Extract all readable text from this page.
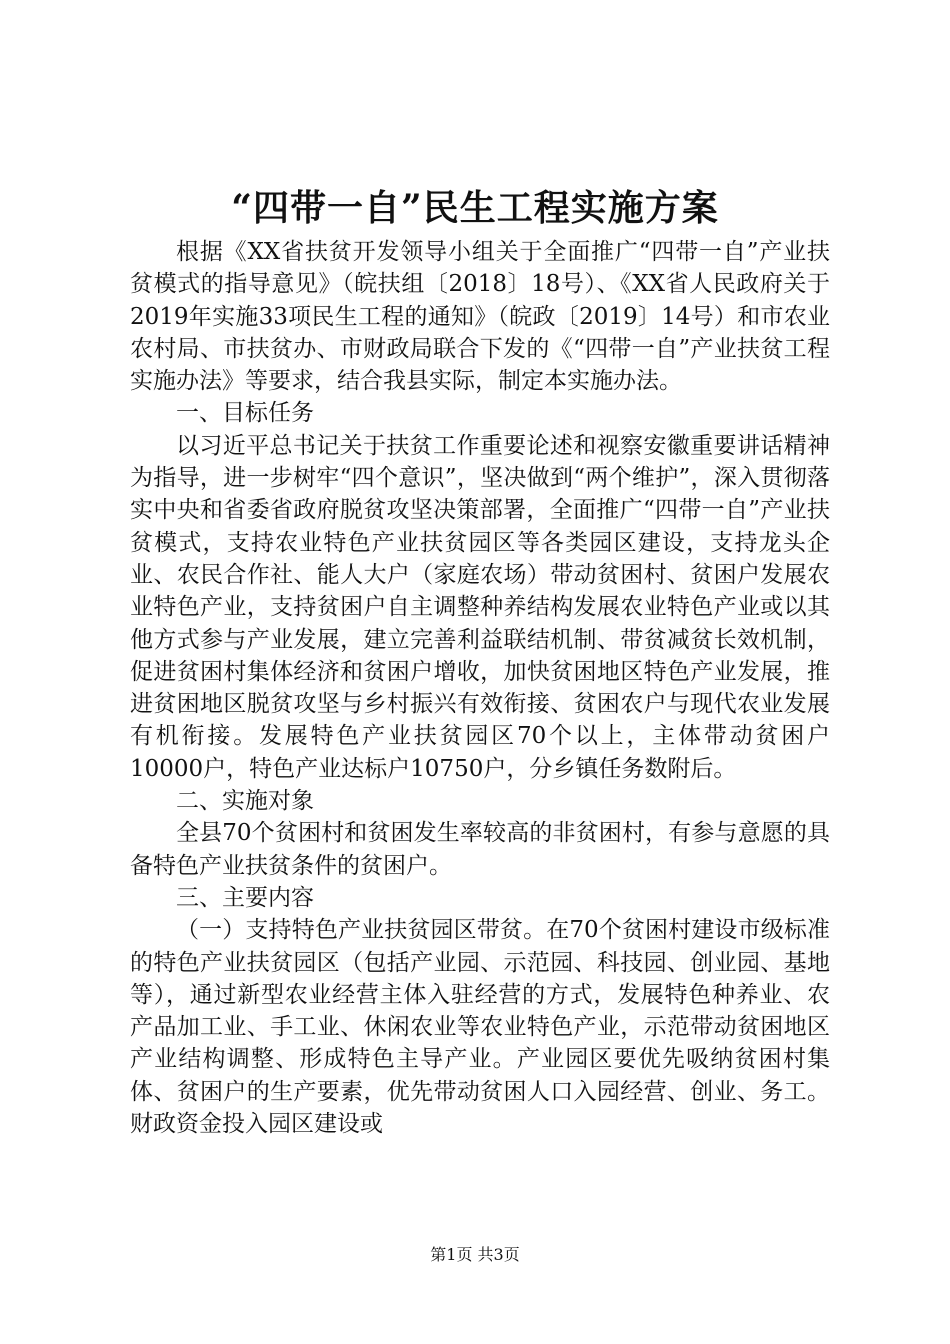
“四带一自”民生工程实施方案

根据《XX省扶贫开发领导小组关于全面推广“四带一自”产业扶贫模式的指导意见》（皖扶组〔2018〕18号）、《XX省人民政府关于2019年实施33项民生工程的通知》（皖政〔2019〕14号）和市农业农村局、市扶贫办、市财政局联合下发的《“四带一自”产业扶贫工程实施办法》等要求，结合我县实际，制定本实施办法。

一、目标任务

以习近平总书记关于扶贫工作重要论述和视察安徽重要讲话精神为指导，进一步树牢“四个意识”，坚决做到“两个维护”，深入贯彻落实中央和省委省政府脱贫攻坚决策部署，全面推广“四带一自”产业扶贫模式，支持农业特色产业扶贫园区等各类园区建设，支持龙头企业、农民合作社、能人大户（家庭农场）带动贫困村、贫困户发展农业特色产业，支持贫困户自主调整种养结构发展农业特色产业或以其他方式参与产业发展，建立完善利益联结机制、带贫减贫长效机制，促进贫困村集体经济和贫困户增收，加快贫困地区特色产业发展，推进贫困地区脱贫攻坚与乡村振兴有效衔接、贫困农户与现代农业发展有机衔接。发展特色产业扶贫园区70个以上，主体带动贫困户10000户，特色产业达标户10750户，分乡镇任务数附后。

二、实施对象

全县70个贫困村和贫困发生率较高的非贫困村，有参与意愿的具备特色产业扶贫条件的贫困户。

三、主要内容

（一）支持特色产业扶贫园区带贫。在70个贫困村建设市级标准的特色产业扶贫园区（包括产业园、示范园、科技园、创业园、基地等），通过新型农业经营主体入驻经营的方式，发展特色种养业、农产品加工业、手工业、休闲农业等农业特色产业，示范带动贫困地区产业结构调整、形成特色主导产业。产业园区要优先吸纳贫困村集体、贫困户的生产要素，优先带动贫困人口入园经营、创业、务工。财政资金投入园区建设或

第1页 共3页
